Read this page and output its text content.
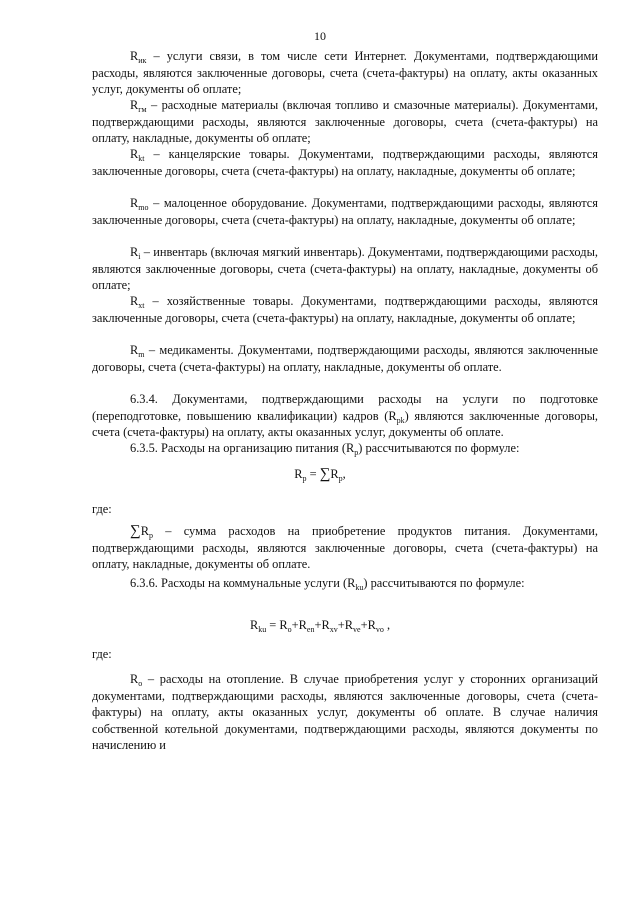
10
$R_{ик}$ – услуги связи, в том числе сети Интернет. Документами, подтверждающими расходы, являются заключенные договоры, счета (счета-фактуры) на оплату, акты оказанных услуг, документы об оплате;
$R_{гм}$ – расходные материалы (включая топливо и смазочные материалы). Документами, подтверждающими расходы, являются заключенные договоры, счета (счета-фактуры) на оплату, накладные, документы об оплате;
$R_{kt}$ – канцелярские товары. Документами, подтверждающими расходы, являются заключенные договоры, счета (счета-фактуры) на оплату, накладные, документы об оплате;
$R_{mo}$ – малоценное оборудование. Документами, подтверждающими расходы, являются заключенные договоры, счета (счета-фактуры) на оплату, накладные, документы об оплате;
$R_i$ – инвентарь (включая мягкий инвентарь). Документами, подтверждающими расходы, являются заключенные договоры, счета (счета-фактуры) на оплату, накладные, документы об оплате;
$R_{xt}$ – хозяйственные товары. Документами, подтверждающими расходы, являются заключенные договоры, счета (счета-фактуры) на оплату, накладные, документы об оплате;
$R_m$ – медикаменты. Документами, подтверждающими расходы, являются заключенные договоры, счета (счета-фактуры) на оплату, накладные, документы об оплате.
6.3.4. Документами, подтверждающими расходы на услуги по подготовке (переподготовке, повышению квалификации) кадров $(R_{pk})$ являются заключенные договоры, счета (счета-фактуры) на оплату, акты оказанных услуг, документы об оплате.
6.3.5. Расходы на организацию питания $(R_p)$ рассчитываются по формуле:
$R_p = \sum R_p$,
где:
$\sum R_p$ – сумма расходов на приобретение продуктов питания. Документами, подтверждающими расходы, являются заключенные договоры, счета (счета-фактуры) на оплату, накладные, документы об оплате.
6.3.6. Расходы на коммунальные услуги $(R_{ku})$ рассчитываются по формуле:
$R_{ku} = R_o+R_{en}+R_{xv}+R_{ve}+R_{vo}$ ,
где:
$R_o$ – расходы на отопление. В случае приобретения услуг у сторонних организаций документами, подтверждающими расходы, являются заключенные договоры, счета (счета-фактуры) на оплату, акты оказанных услуг, документы об оплате. В случае наличия собственной котельной документами, подтверждающими расходы, являются документы по начислению и
